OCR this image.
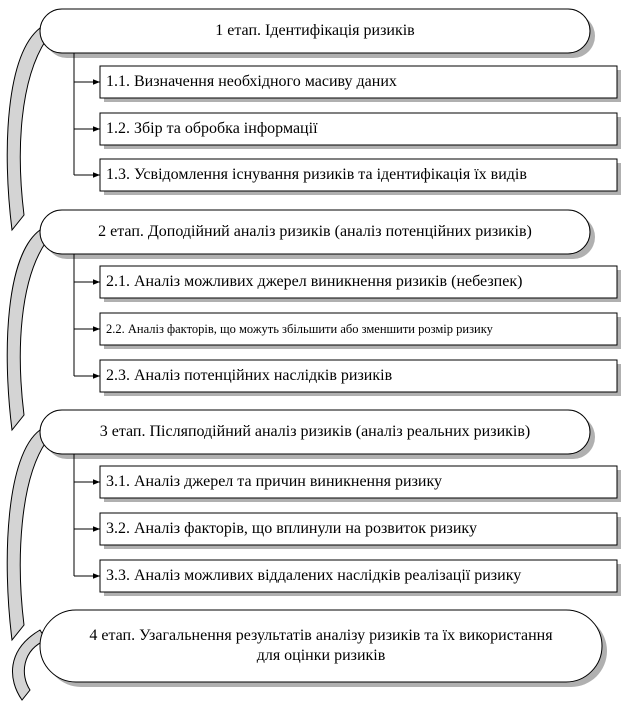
1 етап. Ідентифікація ризиків
2 етап. Доподійний аналіз ризиків (аналіз потенційних ризиків)
3 етап. Післяподійний аналіз ризиків (аналіз реальних ризиків)
4 етап. Узагальнення результатів аналізу ризиків та їх використання для оцінки ризиків
1.1. Визначення необхідного масиву даних
1.2. Збір та обробка інформації
1.3. Усвідомлення існування ризиків та ідентифікація їх видів
2.1. Аналіз можливих джерел виникнення ризиків (небезпек)
2.2. Аналіз факторів, що можуть збільшити або зменшити розмір ризику
2.3. Аналіз потенційних наслідків ризиків
3.1. Аналіз джерел та причин виникнення ризику
3.2. Аналіз факторів, що вплинули на розвиток ризику
3.3. Аналіз можливих віддалених наслідків реалізації ризику
